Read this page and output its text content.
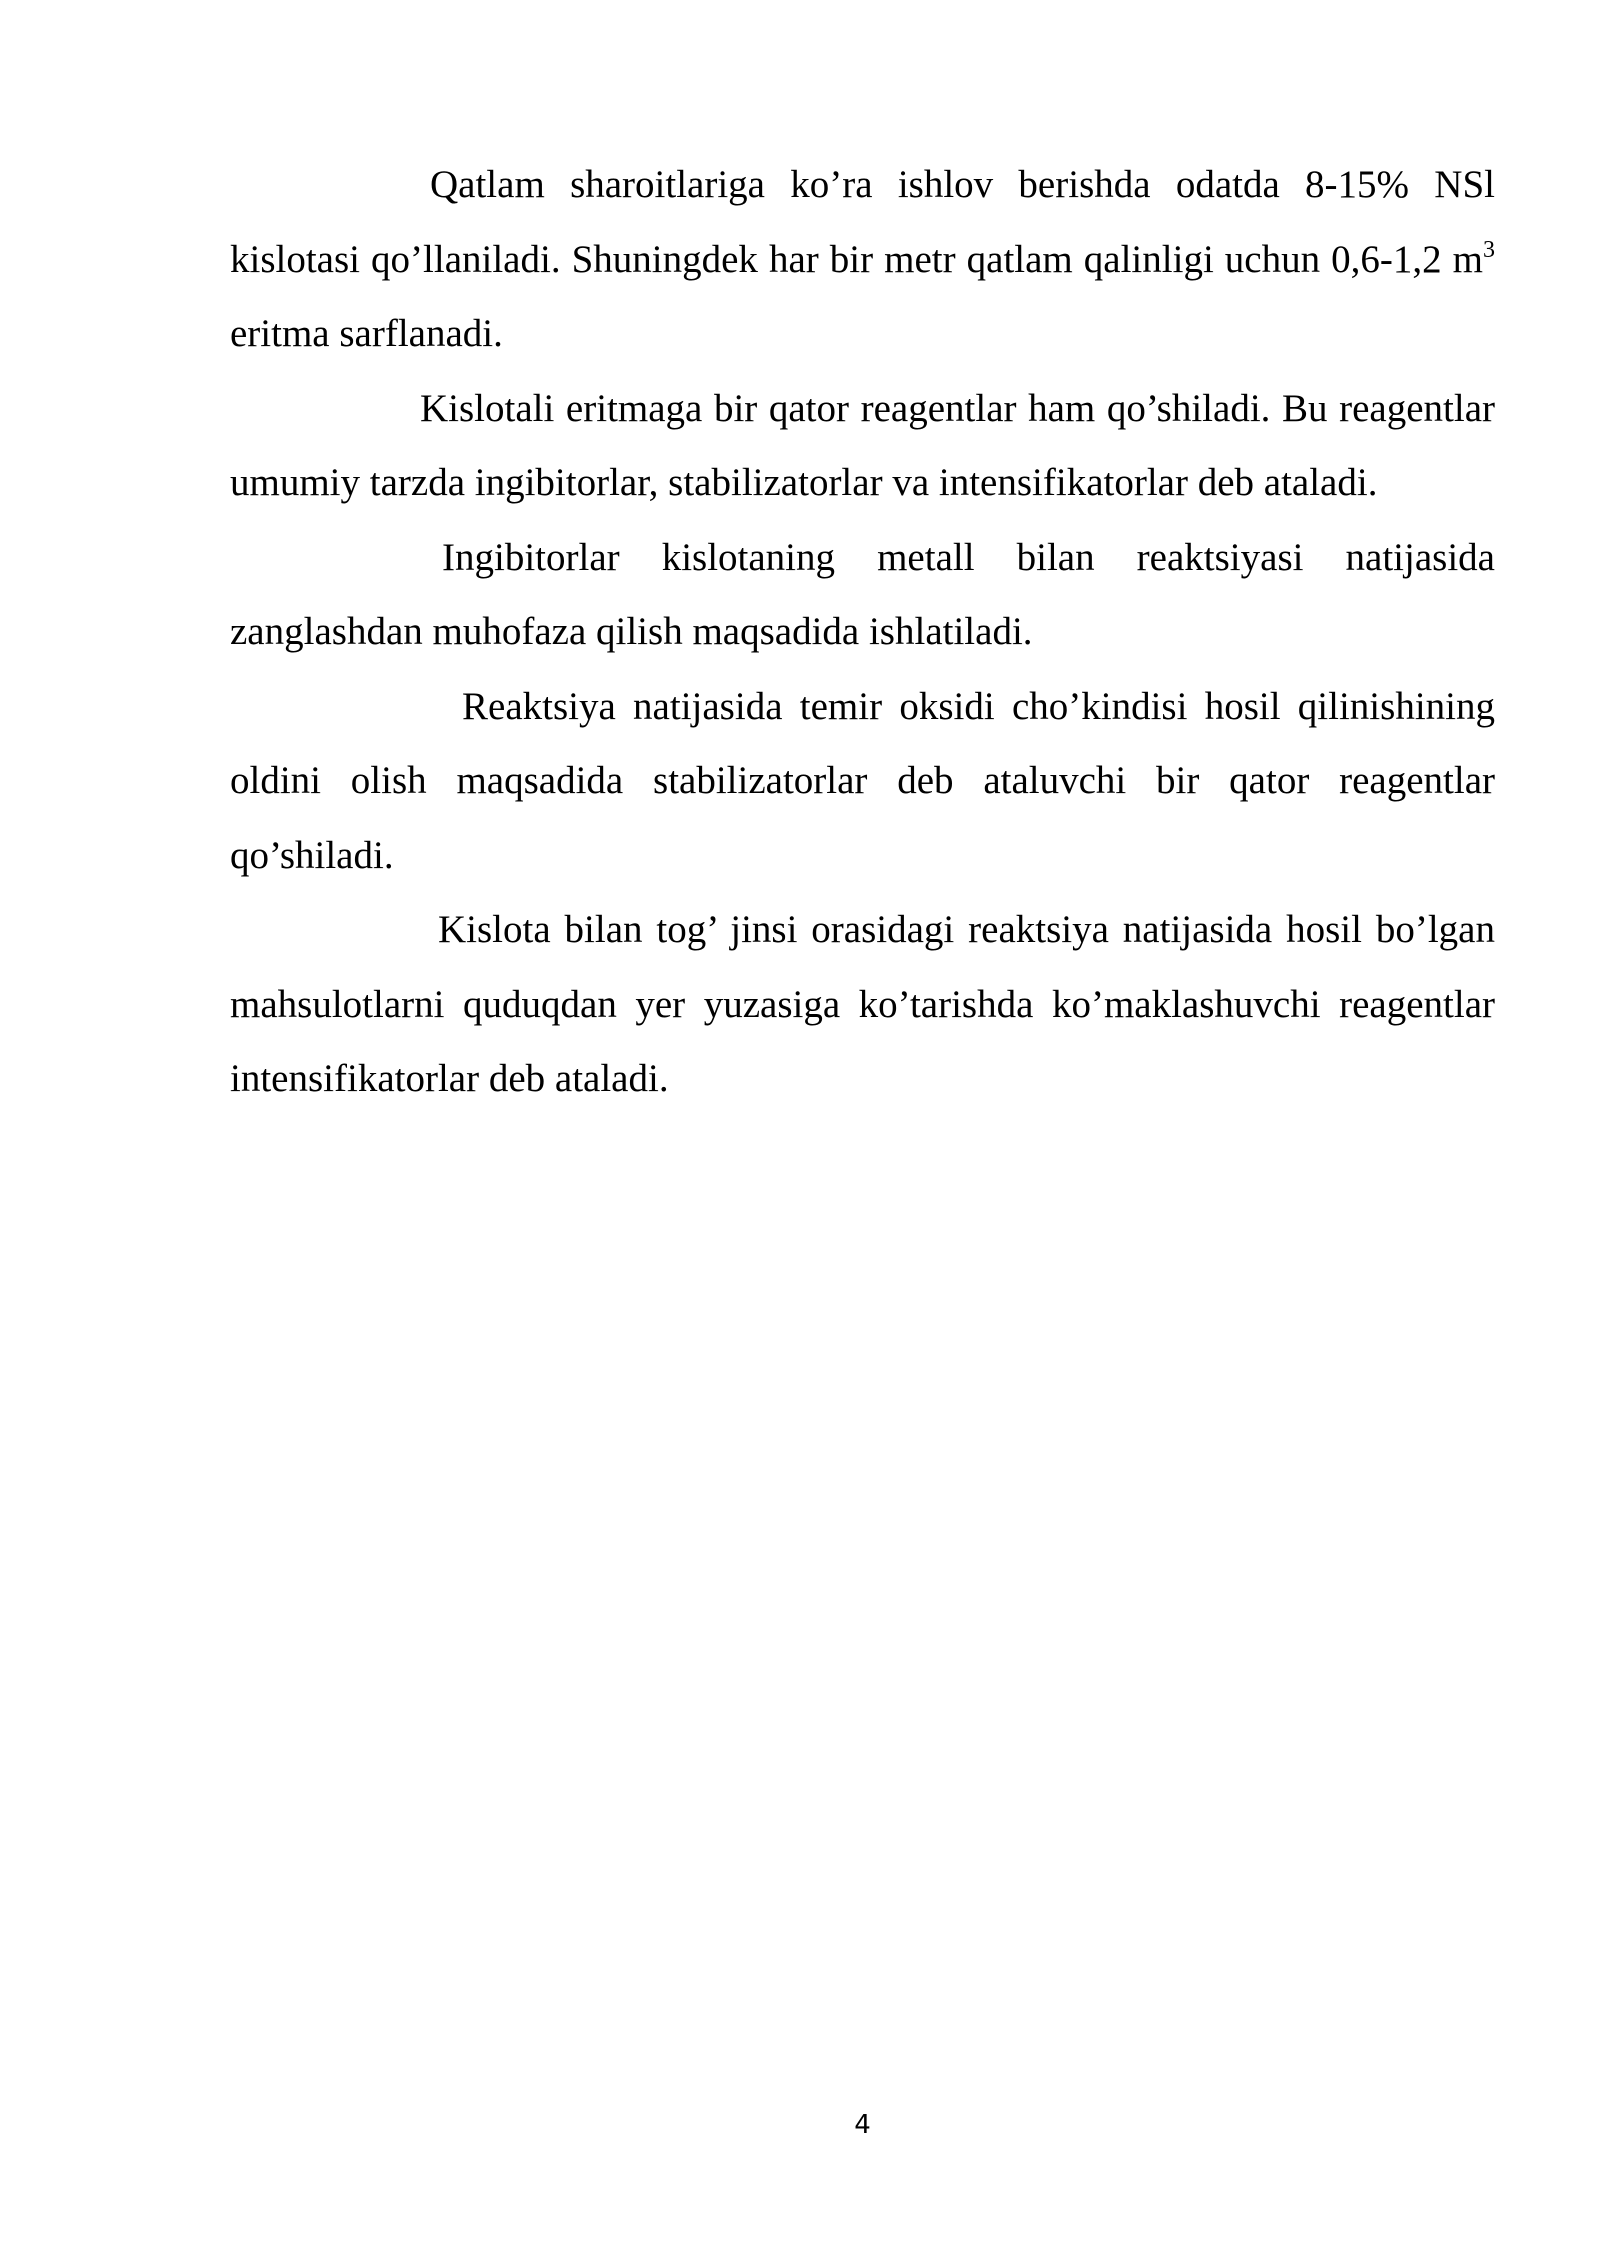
Qatlam sharoitlariga ko’ra ishlov berishda odatda 8-15% NSl kislotasi qo’llaniladi. Shuningdek har bir metr qatlam qalinligi uchun 0,6-1,2 $m^3$ eritma sarflanadi.

Kislotali eritmaga bir qator reagentlar ham qo’shiladi. Bu reagentlar umumiy tarzda ingibitorlar, stabilizatorlar va intensifikatorlar deb ataladi.

Ingibitorlar kislotaning metall bilan reaktsiyasi natijasida zanglashdan muhofaza qilish maqsadida ishlatiladi.

Reaktsiya natijasida temir oksidi cho’kindisi hosil qilinishining oldini olish maqsadida stabilizatorlar deb ataluvchi bir qator reagentlar qo’shiladi.

Kislota bilan tog’ jinsi orasidagi reaktsiya natijasida hosil bo’lgan mahsulotlarni quduqdan yer yuzasiga ko’tarishda ko’maklashuvchi reagentlar intensifikatorlar deb ataladi.

4
